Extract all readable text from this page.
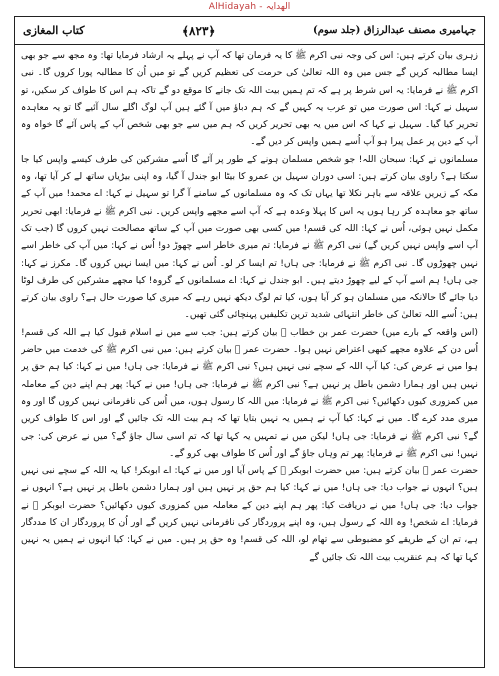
AlHidayah - الهدایہ
جہامیری مصنف عبدالرزاق (جلد سوم)
﴿۸۲۳﴾
کتاب المغازی

زہری بیان کرتے ہیں: اس کی وجہ نبی اکرم ﷺ کا یہ فرمان تھا کہ آپ نے پہلے یہ ارشاد فرمایا تھا: وہ مجھ سے جو بھی ایسا مطالبہ کریں گے جس میں وہ اللہ تعالیٰ کی حرمت کی تعظیم کریں گے تو میں اُن کا مطالبہ پورا کروں گا۔ نبی اکرم ﷺ نے فرمایا: یہ اس شرط پر ہے کہ تم ہمیں بیت اللہ تک جانے کا موقع دو گے تاکہ ہم اس کا طواف کر سکیں، تو سہیل نے کہا: اس صورت میں تو عرب یہ کہیں گے کہ ہم دباؤ میں آ گئے ہیں آپ لوگ اگلے سال آئیے گا تو یہ معاہدہ تحریر کیا گیا۔ سہیل نے کہا کہ اس میں یہ بھی تحریر کریں کہ ہم میں سے جو بھی شخص آپ کے پاس آئے گا خواہ وہ آپ کے دین پر عمل پیرا ہو آپ اُسے ہمیں واپس کر دیں گے۔

مسلمانوں نے کہا: سبحان اللہ! جو شخص مسلمان ہونے کے طور پر آئے گا اُسے مشرکین کی طرف کیسے واپس کیا جا سکتا ہے؟ راوی بیان کرتے ہیں: اسی دوران سہیل بن عمرو کا بیٹا ابو جندل آ گیا، وہ اپنی بیڑیاں ساتھ لے کر آیا تھا، وہ مکہ کے زیریں علاقہ سے باہر نکلا تھا یہاں تک کہ وہ مسلمانوں کے سامنے آ گرا تو سہیل نے کہا: اے محمد! میں آپ کے ساتھ جو معاہدہ کر رہا ہوں یہ اس کا پہلا وعدہ ہے کہ آپ اسے مجھے واپس کریں۔ نبی اکرم ﷺ نے فرمایا: ابھی تحریر مکمل نہیں ہوئی، اُس نے کہا: اللہ کی قسم! میں کسی بھی صورت میں آپ کے ساتھ مصالحت نہیں کروں گا (جب تک آپ اسے واپس نہیں کریں گے) نبی اکرم ﷺ نے فرمایا: تم میری خاطر اسے چھوڑ دو! اُس نے کہا: میں آپ کی خاطر اسے نہیں چھوڑوں گا۔ نبی اکرم ﷺ نے فرمایا: جی ہاں! تم ایسا کر لو۔ اُس نے کہا: میں ایسا نہیں کروں گا۔ مکرز نے کہا: جی ہاں! ہم اسے آپ کے لیے چھوڑ دیتے ہیں۔ ابو جندل نے کہا: اے مسلمانوں کے گروہ! کیا مجھے مشرکین کی طرف لوٹا دیا جائے گا حالانکہ میں مسلمان ہو کر آیا ہوں، کیا تم لوگ دیکھ نہیں رہے کہ میری کیا صورت حال ہے؟ راوی بیان کرتے ہیں: اُسے اللہ تعالیٰ کی خاطر انتہائی شدید ترین تکلیفیں پہنچائی گئی تھیں۔

(اس واقعہ کے بارے میں) حضرت عمر بن خطاب ﷛ بیان کرتے ہیں: جب سے میں نے اسلام قبول کیا ہے اللہ کی قسم! اُس دن کے علاوہ مجھے کبھی اعتراض نہیں ہوا۔ حضرت عمر ﷛ بیان کرتے ہیں: میں نبی اکرم ﷺ کی خدمت میں حاضر ہوا میں نے عرض کی: کیا آپ اللہ کے سچے نبی نہیں ہیں؟ نبی اکرم ﷺ نے فرمایا: جی ہاں! میں نے کہا: کیا ہم حق پر نہیں ہیں اور ہمارا دشمن باطل پر نہیں ہے؟ نبی اکرم ﷺ نے فرمایا: جی ہاں! میں نے کہا: پھر ہم اپنے دین کے معاملہ میں کمزوری کیوں دکھائیں؟ نبی اکرم ﷺ نے فرمایا: میں اللہ کا رسول ہوں، میں اُس کی نافرمانی نہیں کروں گا اور وہ میری مدد کرے گا۔ میں نے کہا: کیا آپ نے ہمیں یہ نہیں بتایا تھا کہ ہم بیت اللہ تک جائیں گے اور اس کا طواف کریں گے؟ نبی اکرم ﷺ نے فرمایا: جی ہاں! لیکن میں نے تمہیں یہ کہا تھا کہ تم اسی سال جاؤ گے؟ میں نے عرض کی: جی نہیں! نبی اکرم ﷺ نے فرمایا: پھر تم وہاں جاؤ گے اور اُس کا طواف بھی کرو گے۔

حضرت عمر ﷛ بیان کرتے ہیں: میں حضرت ابوبکر ﷛ کے پاس آیا اور میں نے کہا: اے ابوبکر! کیا یہ اللہ کے سچے نبی نہیں ہیں؟ انہوں نے جواب دیا: جی ہاں! میں نے کہا: کیا ہم حق پر نہیں ہیں اور ہمارا دشمن باطل پر نہیں ہے؟ انہوں نے جواب دیا: جی ہاں! میں نے دریافت کیا: پھر ہم اپنے دین کے معاملہ میں کمزوری کیوں دکھائیں؟ حضرت ابوبکر ﷛ نے فرمایا: اے شخص! وہ اللہ کے رسول ہیں، وہ اپنے پروردگار کی نافرمانی نہیں کریں گے اور اُن کا پروردگار ان کا مددگار ہے، تم ان کے طریقے کو مضبوطی سے تھام لو، اللہ کی قسم! وہ حق پر ہیں۔ میں نے کہا: کیا انہوں نے ہمیں یہ نہیں کہا تھا کہ ہم عنقریب بیت اللہ تک جائیں گے
